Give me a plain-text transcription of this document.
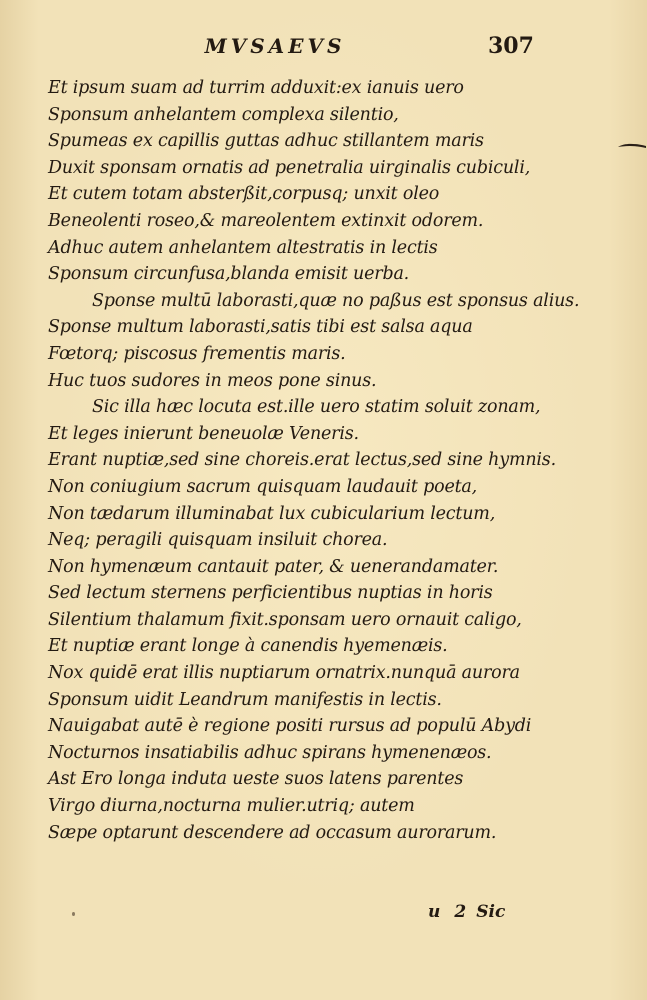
MVSAEVS	307
Et ipsum suam ad turrim adduxit:ex ianuis uero
Sponsum anhelantem complexa silentio,
Spumeas ex capillis guttas adhuc stillantem maris
Duxit sponsam ornatis ad penetralia uirginalis cubiculi,
Et cutem totam absterßit,corpusq; unxit oleo
Beneolenti roseo,& mareolentem extinxit odorem.
Adhuc autem anhelantem altestratis in lectis
Sponsum circunfusa,blanda emisit uerba.
Sponse multū laborasti,quæ no paßus est sponsus alius.
Sponse multum laborasti,satis tibi est salsa aqua
Fœtorq; piscosus frementis maris.
Huc tuos sudores in meos pone sinus.
Sic illa hæc locuta est.ille uero statim soluit zonam,
Et leges inierunt beneuolæ Veneris.
Erant nuptiæ,sed sine choreis.erat lectus,sed sine hymnis.
Non coniugium sacrum quisquam laudauit poeta,
Non tædarum illuminabat lux cubicularium lectum,
Neq; peragili quisquam insiluit chorea.
Non hymenæum cantauit pater, & uenerandamater.
Sed lectum sternens perficientibus nuptias in horis
Silentium thalamum fixit.sponsam uero ornauit caligo,
Et nuptiæ erant longe à canendis hyemenæis.
Nox quidē erat illis nuptiarum ornatrix.nunquā aurora
Sponsum uidit Leandrum manifestis in lectis.
Nauigabat autē è regione positi rursus ad populū Abydi
Nocturnos insatiabilis adhuc spirans hymenenæos.
Ast Ero longa induta ueste suos latens parentes
Virgo diurna,nocturna mulier.utriq; autem
Sæpe optarunt descendere ad occasum aurorarum.
u 2 Sic
